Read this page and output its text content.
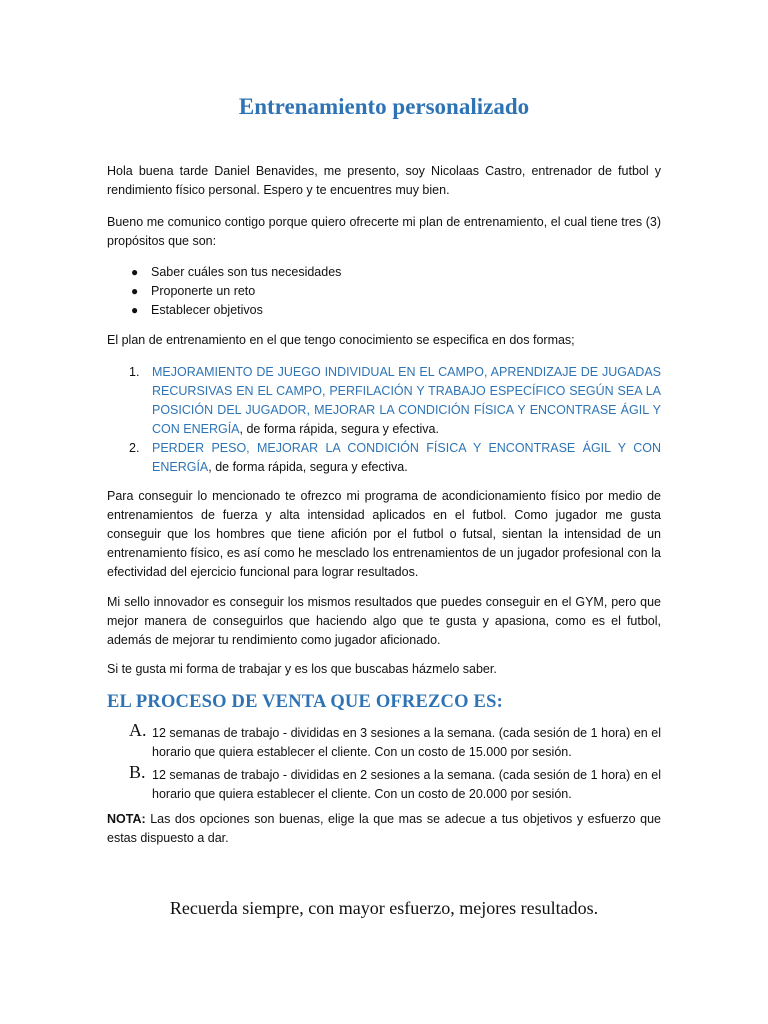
Entrenamiento personalizado

Hola buena tarde Daniel Benavides, me presento, soy Nicolaas Castro, entrenador de futbol y rendimiento físico personal. Espero y te encuentres muy bien.

Bueno me comunico contigo porque quiero ofrecerte mi plan de entrenamiento, el cual tiene tres (3) propósitos que son:

● Saber cuáles son tus necesidades
● Proponerte un reto
● Establecer objetivos

El plan de entrenamiento en el que tengo conocimiento se especifica en dos formas;

1. MEJORAMIENTO DE JUEGO INDIVIDUAL EN EL CAMPO, APRENDIZAJE DE JUGADAS RECURSIVAS EN EL CAMPO, PERFILACIÓN Y TRABAJO ESPECÍFICO SEGÚN SEA LA POSICIÓN DEL JUGADOR, MEJORAR LA CONDICIÓN FÍSICA Y ENCONTRASE ÁGIL Y CON ENERGÍA, de forma rápida, segura y efectiva.
2. PERDER PESO, MEJORAR LA CONDICIÓN FÍSICA Y ENCONTRASE ÁGIL Y CON ENERGÍA, de forma rápida, segura y efectiva.

Para conseguir lo mencionado te ofrezco mi programa de acondicionamiento físico por medio de entrenamientos de fuerza y alta intensidad aplicados en el futbol. Como jugador me gusta conseguir que los hombres que tiene afición por el futbol o futsal, sientan la intensidad de un entrenamiento físico, es así como he mesclado los entrenamientos de un jugador profesional con la efectividad del ejercicio funcional para lograr resultados.

Mi sello innovador es conseguir los mismos resultados que puedes conseguir en el GYM, pero que mejor manera de conseguirlos que haciendo algo que te gusta y apasiona, como es el futbol, además de mejorar tu rendimiento como jugador aficionado.

Si te gusta mi forma de trabajar y es los que buscabas házmelo saber.

EL PROCESO DE VENTA QUE OFREZCO ES:
A. 12 semanas de trabajo - divididas en 3 sesiones a la semana. (cada sesión de 1 hora) en el horario que quiera establecer el cliente. Con un costo de 15.000 por sesión.
B. 12 semanas de trabajo - divididas en 2 sesiones a la semana. (cada sesión de 1 hora) en el horario que quiera establecer el cliente. Con un costo de 20.000 por sesión.

NOTA: Las dos opciones son buenas, elige la que mas se adecue a tus objetivos y esfuerzo que estas dispuesto a dar.

Recuerda siempre, con mayor esfuerzo, mejores resultados.
